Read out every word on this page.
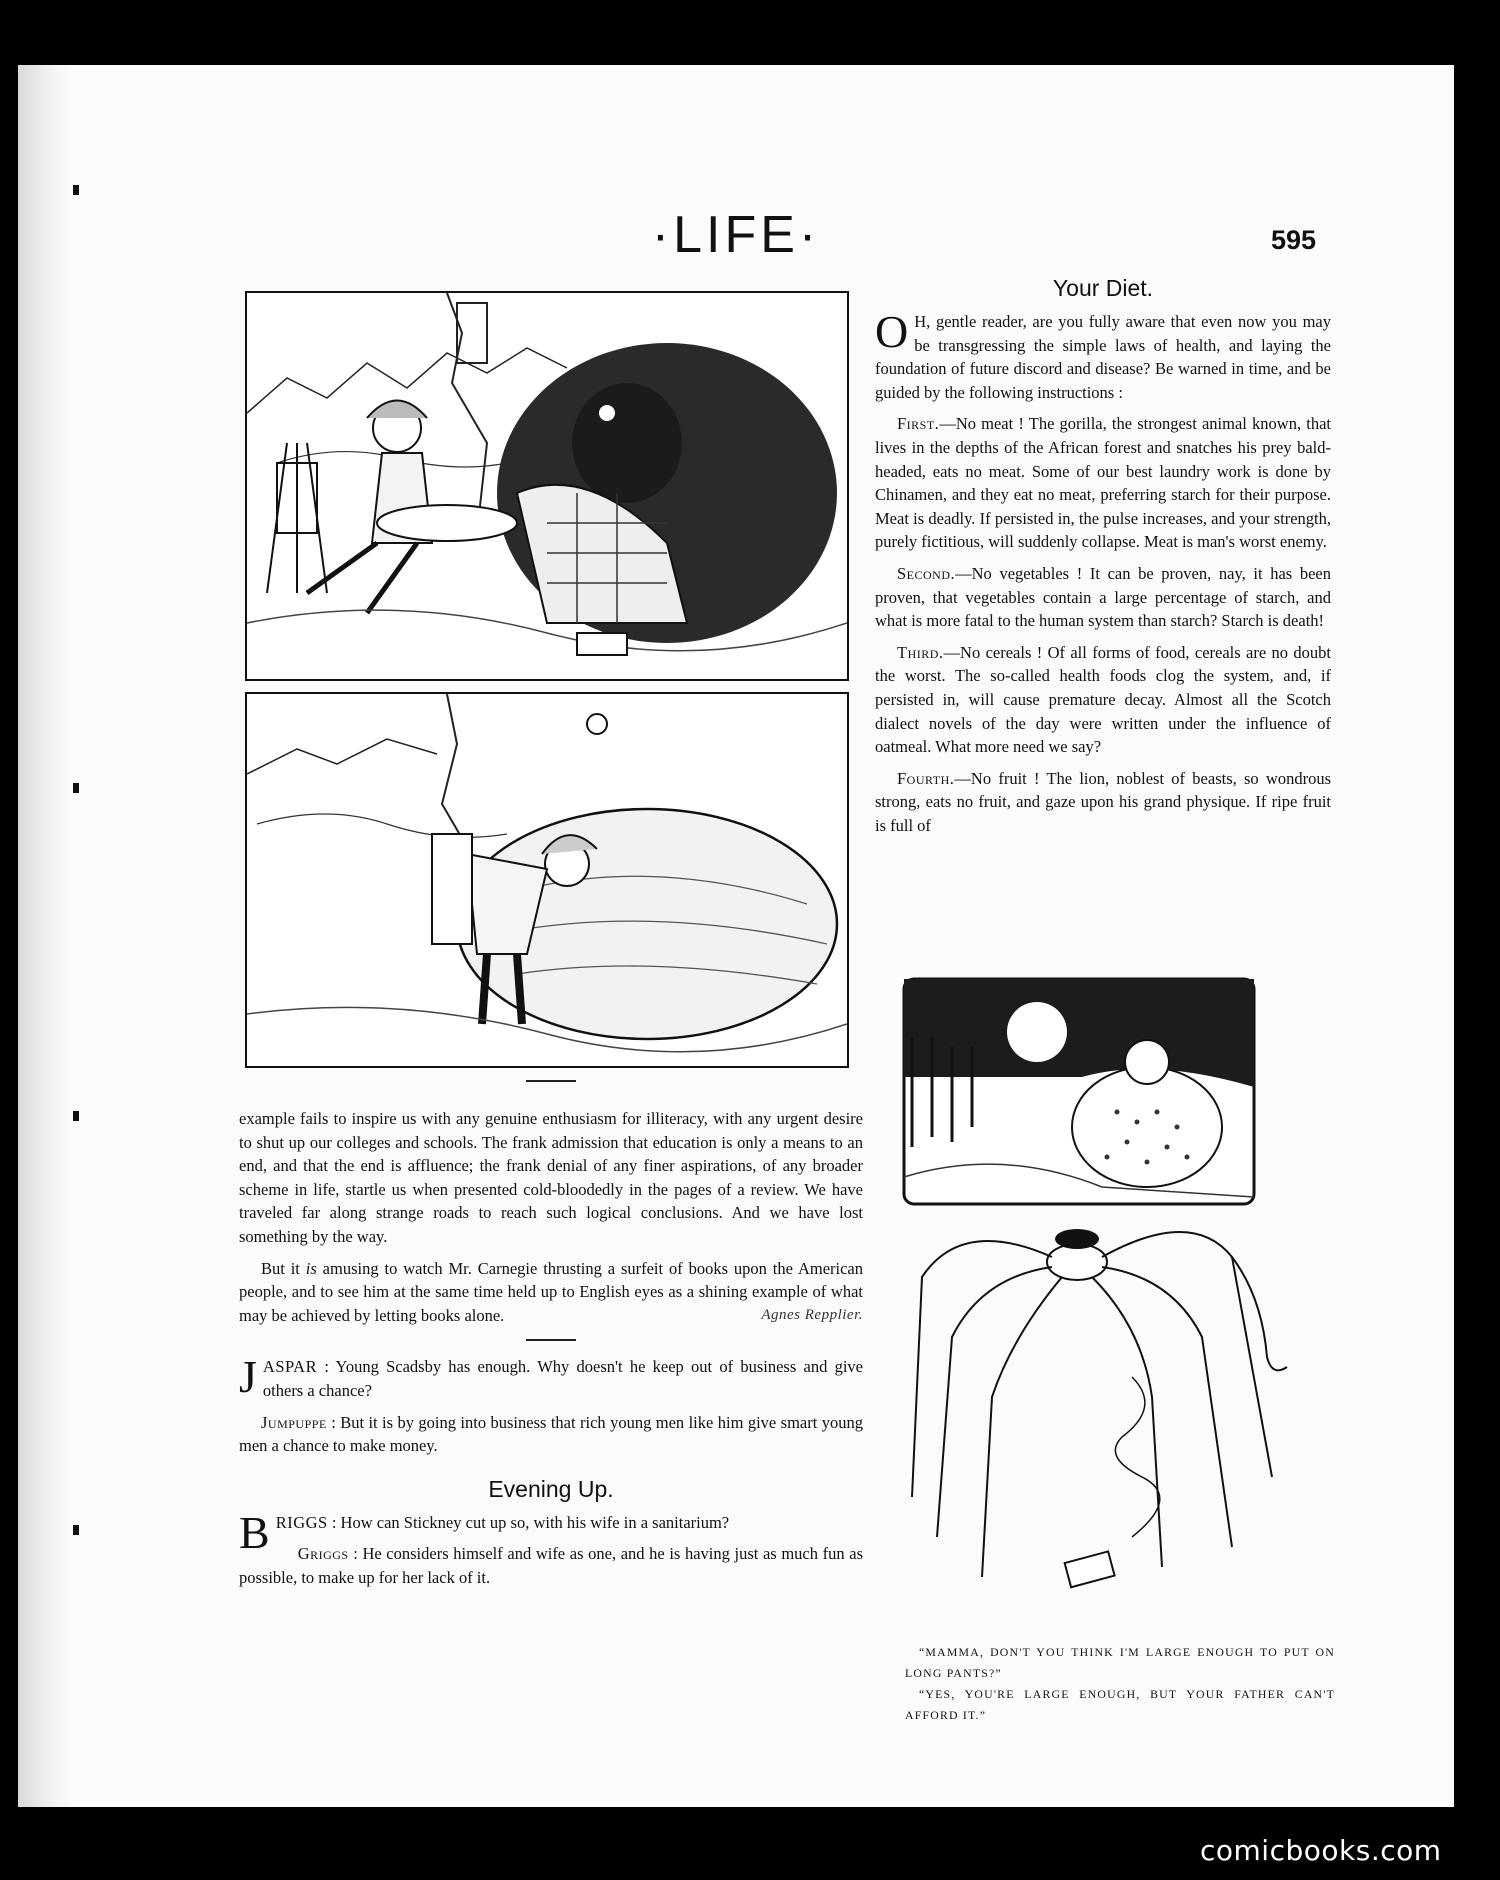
·LIFE·	595
Your Diet.

O H, gentle reader, are you fully aware that even now you may be transgressing the simple laws of health, and laying the foundation of future discord and disease? Be warned in time, and be guided by the following instructions :

First.—No meat ! The gorilla, the strongest animal known, that lives in the depths of the African forest and snatches his prey bald-headed, eats no meat. Some of our best laundry work is done by Chinamen, and they eat no meat, preferring starch for their purpose. Meat is deadly. If persisted in, the pulse increases, and your strength, purely fictitious, will suddenly collapse. Meat is man's worst enemy.

Second.—No vegetables ! It can be proven, nay, it has been proven, that vegetables contain a large percentage of starch, and what is more fatal to the human system than starch? Starch is death!

Third.—No cereals ! Of all forms of food, cereals are no doubt the worst. The so-called health foods clog the system, and, if persisted in, will cause premature decay. Almost all the Scotch dialect novels of the day were written under the influence of oatmeal. What more need we say?

Fourth.—No fruit ! The lion, noblest of beasts, so wondrous strong, eats no fruit, and gaze upon his grand physique. If ripe fruit is full of

example fails to inspire us with any genuine enthusiasm for illiteracy, with any urgent desire to shut up our colleges and schools. The frank admission that education is only a means to an end, and that the end is affluence; the frank denial of any finer aspirations, of any broader scheme in life, startle us when presented cold-bloodedly in the pages of a review. We have traveled far along strange roads to reach such logical conclusions. And we have lost something by the way.

But it is amusing to watch Mr. Carnegie thrusting a surfeit of books upon the American people, and to see him at the same time held up to English eyes as a shining example of what may be achieved by letting books alone.	Agnes Repplier.

JASPAR : Young Scadsby has enough. Why doesn't he keep out of business and give others a chance?

Jumpuppe : But it is by going into business that rich young men like him give smart young men a chance to make money.

Evening Up.

BRIGGS : How can Stickney cut up so, with his wife in a sanitarium?

Griggs : He considers himself and wife as one, and he is having just as much fun as possible, to make up for her lack of it.

“MAMMA, DON'T YOU THINK I'M LARGE ENOUGH TO PUT ON LONG PANTS?”
“YES, YOU'RE LARGE ENOUGH, BUT YOUR FATHER CAN'T AFFORD IT.”
comicbooks.com
